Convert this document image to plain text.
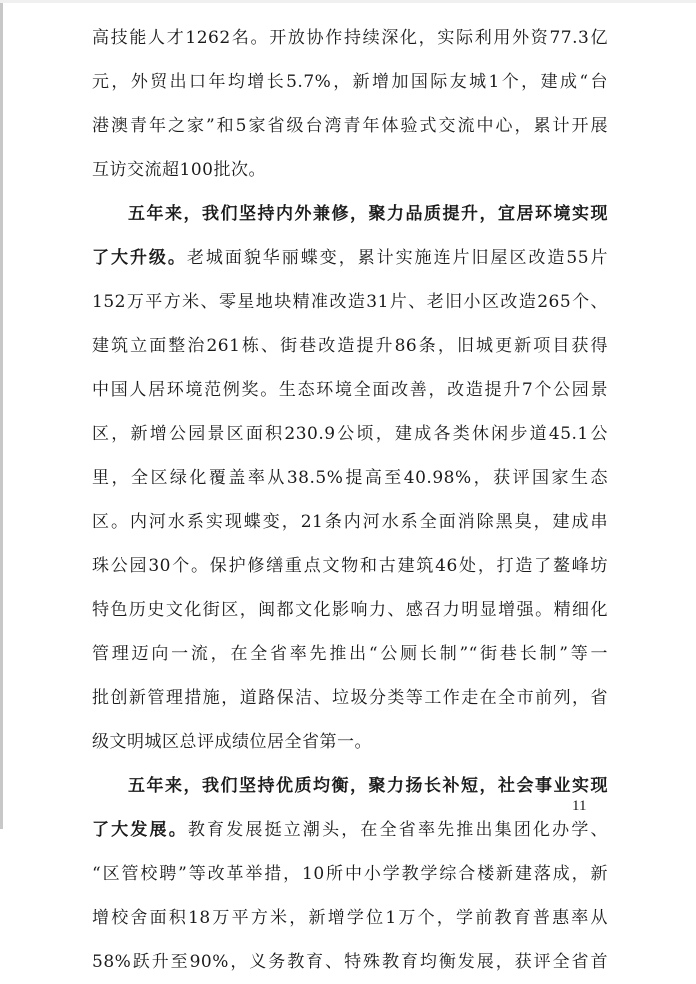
高技能人才1262名。开放协作持续深化，实际利用外资77.3亿
元，外贸出口年均增长5.7%，新增加国际友城1个，建成“台
港澳青年之家”和5家省级台湾青年体验式交流中心，累计开展
互访交流超100批次。
五年来，我们坚持内外兼修，聚力品质提升，宜居环境实现
了大升级。老城面貌华丽蝶变，累计实施连片旧屋区改造55片
152万平方米、零星地块精准改造31片、老旧小区改造265个、
建筑立面整治261栋、街巷改造提升86条，旧城更新项目获得
中国人居环境范例奖。生态环境全面改善，改造提升7个公园景
区，新增公园景区面积230.9公顷，建成各类休闲步道45.1公
里，全区绿化覆盖率从38.5%提高至40.98%，获评国家生态
区。内河水系实现蝶变，21条内河水系全面消除黑臭，建成串
珠公园30个。保护修缮重点文物和古建筑46处，打造了鳌峰坊
特色历史文化街区，闽都文化影响力、感召力明显增强。精细化
管理迈向一流，在全省率先推出“公厕长制”“街巷长制”等一
批创新管理措施，道路保洁、垃圾分类等工作走在全市前列，省
级文明城区总评成绩位居全省第一。
五年来，我们坚持优质均衡，聚力扬长补短，社会事业实现
了大发展。教育发展挺立潮头，在全省率先推出集团化办学、
“区管校聘”等改革举措，10所中小学教学综合楼新建落成，新
增校舍面积18万平方米，新增学位1万个，学前教育普惠率从
58%跃升至90%，义务教育、特殊教育均衡发展，获评全省首
11
